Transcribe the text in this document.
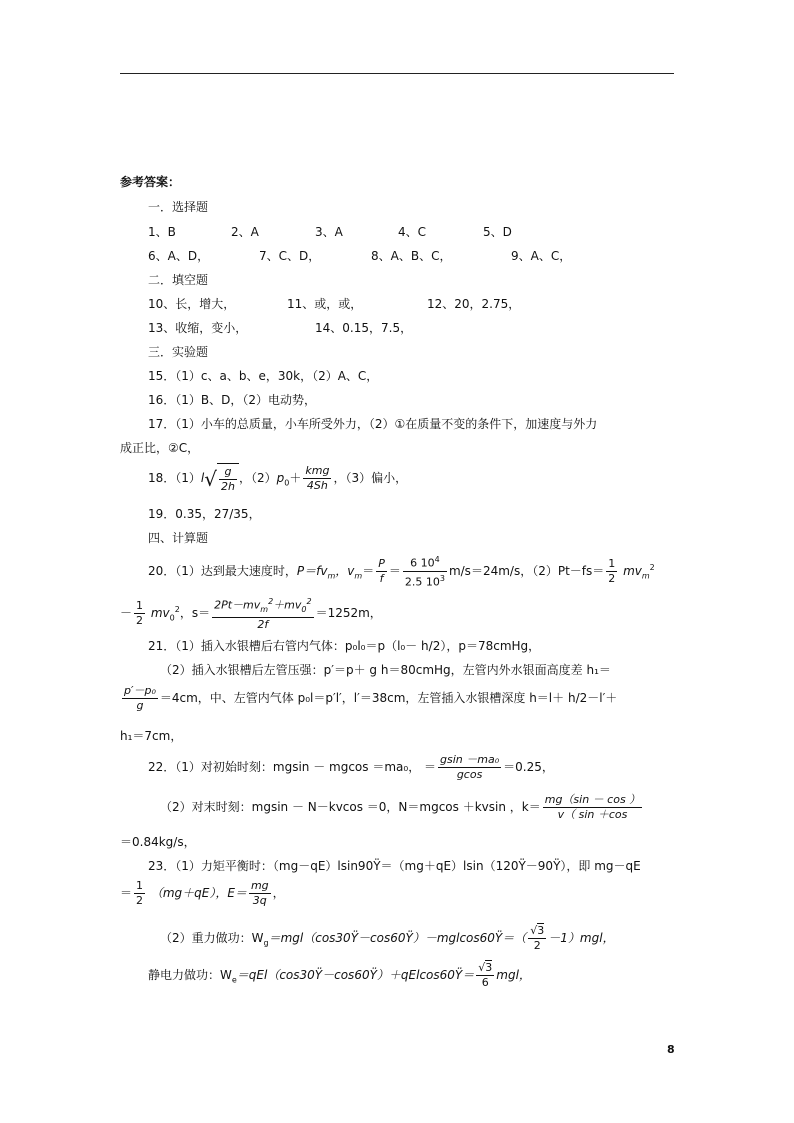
参考答案：
一．选择题
1、B	2、A	3、A	4、C	5、D
6、A、D，	7、C、D，	8、A、B、C，	9、A、C，
二．填空题
10、长，增大，	11、或，或，	12、20，2.75，
13、收缩，变小，	14、0.15，7.5，
三．实验题
15．（1）c、a、b、e，30k，（2）A、C，
16．（1）B、D，（2）电动势，
17．（1）小车的总质量，小车所受外力，（2）①在质量不变的条件下，加速度与外力
成正比，②C，
18．$(1)l√ \frac{g}{2h}$ ，$(2)p_0+ \frac{\text{kmg}}{4Sh}$ ，（3）偏小，
19．0.35，27/35，
四、计算题
20．（1）达到最大速度时，$P=fv_m$，$v_m= \frac{P}{f} = \frac{6 10^4}{2.5 10^3} m/s=24m/s$，$(2)Pt-fs= \frac{1}{2} mv_m^2$
－ $\frac{1}{2} mv_0^2$，$s= \frac{2Pt-mv_m^2+mv_0^2}{2f} =1252m$，
21．（1）插入水银槽后右管内气体：p₀l₀＝p（l₀－ h/2），p＝78cmHg，
（2）插入水银槽后左管压强：p′＝p＋ g h＝80cmHg，左管内外水银面高度差 h₁＝
$\frac{\text{p′－p₀}}{g} =4cm$，中、左管内气体 p₀l＝p′l′，l′＝38cm，左管插入水银槽深度 h＝l＋ h/2－l′＋
h₁＝7cm，
22．（1）对初始时刻：mgsin － mgcos ＝ma₀， ＝ $\frac{\text{gsin －ma₀}}{gcos} =0.25$，
（2）对末时刻：mgsin － N－kvcos ＝0，N＝mgcos ＋kvsin ，$k= \frac{mg(\sin - \cos )}{v( \sin +\cos}$
＝0.84kg/s，
23．（1）力矩平衡时：（mg－qE）lsin90Ÿ＝（mg＋qE）lsin（120Ÿ－90Ÿ），即 mg－qE
＝ $\frac{1}{2} (mg+qE)$，$E= \frac{mg}{3q}$ ，
（2）重力做功：$W_g=mgl(\cos 30Ÿ-\cos 60Ÿ)-mglcos60Ÿ=( \frac{√3}{2} -1)mgl$，
静电力做功：$W_e=qEl(\cos 30Ÿ-\cos 60Ÿ)+qElcos60Ÿ= \frac{√3}{6}$ mgl，
8
